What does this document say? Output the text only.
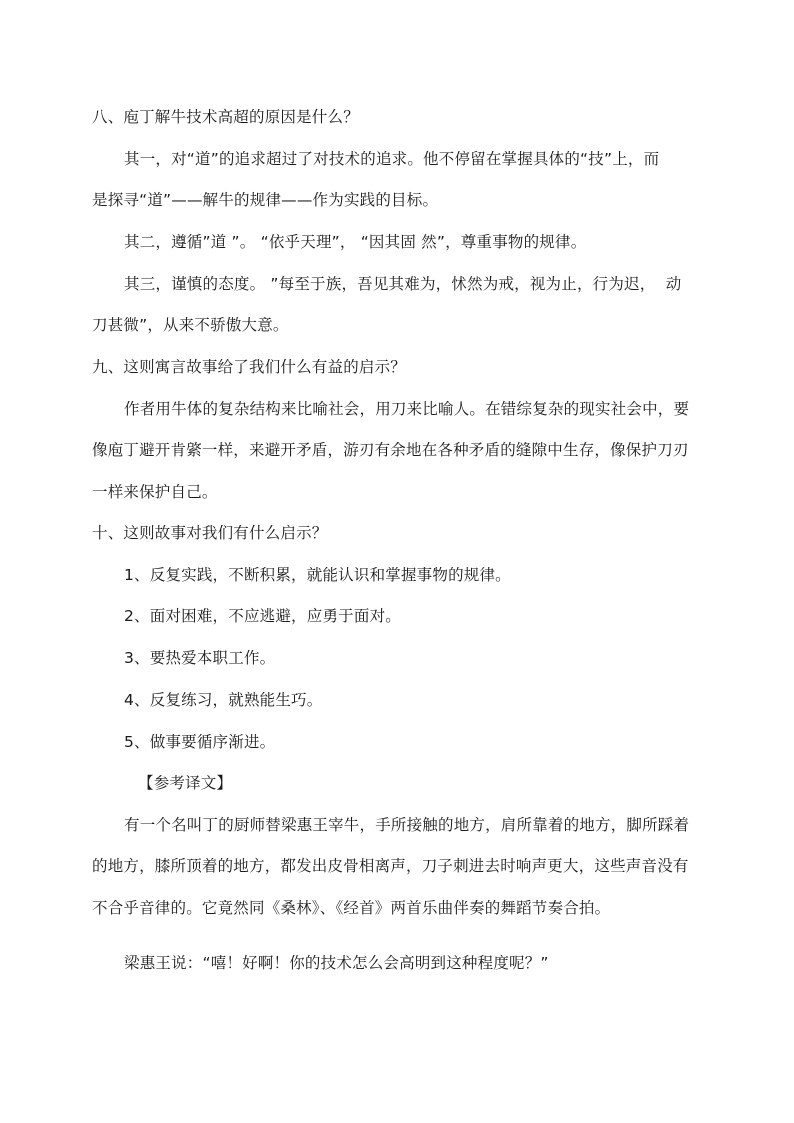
八、庖丁解牛技术高超的原因是什么？
其一，对“道”的追求超过了对技术的追求。他不停留在掌握具体的“技”上，而
是探寻“道”——解牛的规律——作为实践的目标。
其二，遵循”道 ”。 “依乎天理”， “因其固 然”，尊重事物的规律。
其三，谨慎的态度。 ”每至于族，吾见其难为，怵然为戒，视为止，行为迟，  动
刀甚微”，从来不骄傲大意。
九、这则寓言故事给了我们什么有益的启示？
作者用牛体的复杂结构来比喻社会，用刀来比喻人。在错综复杂的现实社会中，要
像庖丁避开肯綮一样，来避开矛盾，游刃有余地在各种矛盾的缝隙中生存，像保护刀刃
一样来保护自己。
十、这则故事对我们有什么启示？
1、反复实践，不断积累，就能认识和掌握事物的规律。
2、面对困难，不应逃避，应勇于面对。
3、要热爱本职工作。
4、反复练习，就熟能生巧。
5、做事要循序渐进。
【参考译文】
有一个名叫丁的厨师替梁惠王宰牛，手所接触的地方，肩所靠着的地方，脚所踩着
的地方，膝所顶着的地方，都发出皮骨相离声，刀子刺进去时响声更大，这些声音没有
不合乎音律的。它竟然同《桑林》、《经首》两首乐曲伴奏的舞蹈节奏合拍。
梁惠王说：“嘻！好啊！你的技术怎么会高明到这种程度呢？”
